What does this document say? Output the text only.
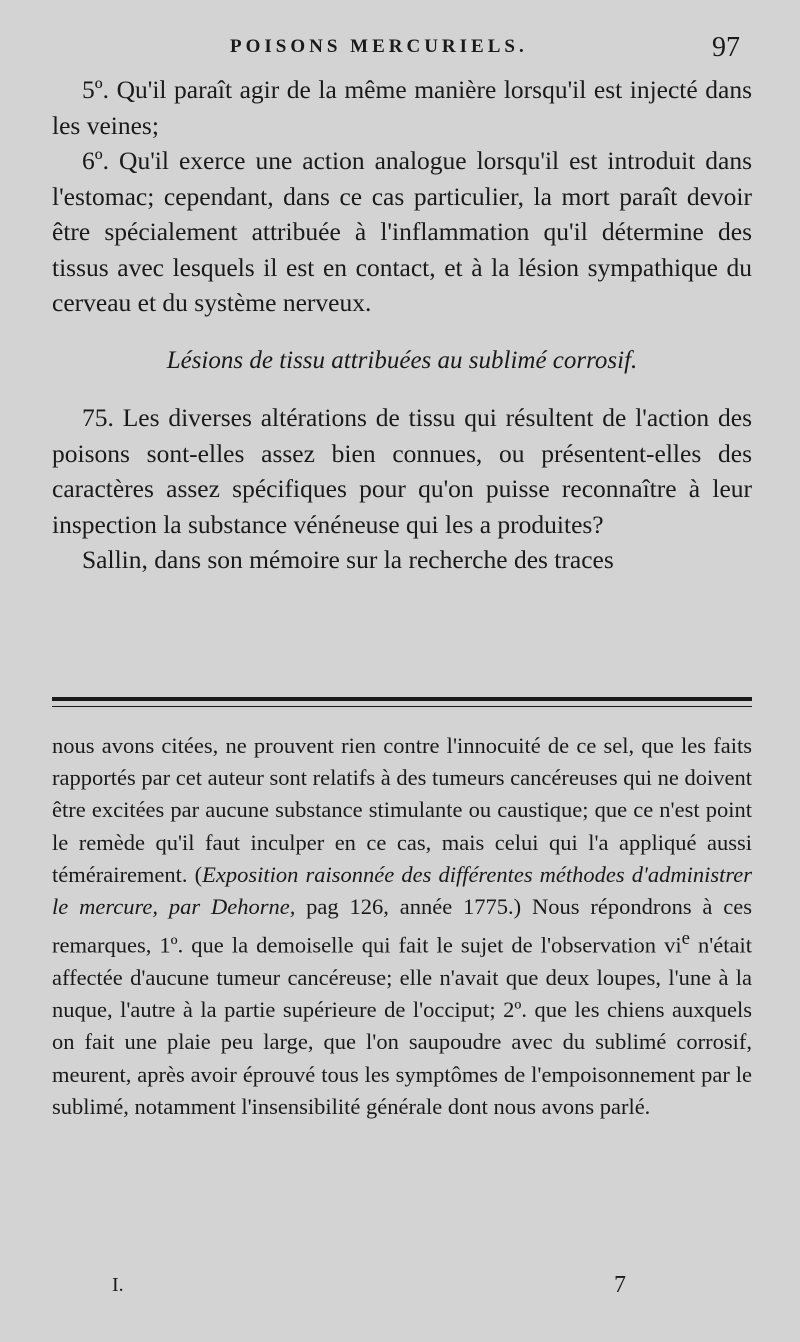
POISONS MERCURIELS.	97

5º. Qu'il paraît agir de la même manière lorsqu'il est injecté dans les veines;

6º. Qu'il exerce une action analogue lorsqu'il est introduit dans l'estomac; cependant, dans ce cas particulier, la mort paraît devoir être spécialement attribuée à l'inflammation qu'il détermine des tissus avec lesquels il est en contact, et à la lésion sympathique du cerveau et du système nerveux.

Lésions de tissu attribuées au sublimé corrosif.

75. Les diverses altérations de tissu qui résultent de l'action des poisons sont-elles assez bien connues, ou présentent-elles des caractères assez spécifiques pour qu'on puisse reconnaître à leur inspection la substance vénéneuse qui les a produites?

Sallin, dans son mémoire sur la recherche des traces

nous avons citées, ne prouvent rien contre l'innocuité de ce sel, que les faits rapportés par cet auteur sont relatifs à des tumeurs cancéreuses qui ne doivent être excitées par aucune substance stimulante ou caustique; que ce n'est point le remède qu'il faut inculper en ce cas, mais celui qui l'a appliqué aussi témérairement. (Exposition raisonnée des différentes méthodes d'administrer le mercure, par Dehorne, pag 126, année 1775.) Nous répondrons à ces remarques, 1º. que la demoiselle qui fait le sujet de l'observation $vi^e$ n'était affectée d'aucune tumeur cancéreuse; elle n'avait que deux loupes, l'une à la nuque, l'autre à la partie supérieure de l'occiput; 2º. que les chiens auxquels on fait une plaie peu large, que l'on saupoudre avec du sublimé corrosif, meurent, après avoir éprouvé tous les symptômes de l'empoisonnement par le sublimé, notamment l'insensibilité générale dont nous avons parlé.

I.	7
